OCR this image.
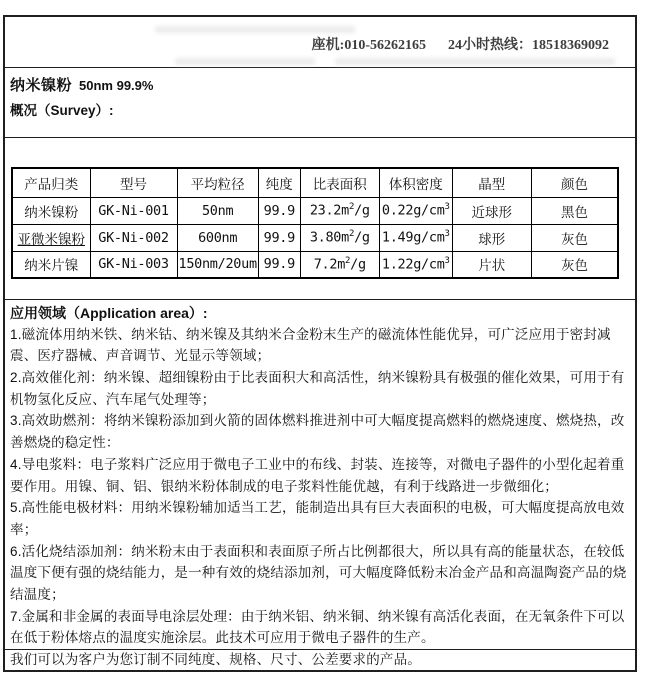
座机:010-56262165 24小时热线：18518369092
纳米镍粉 50nm 99.9%
概况（Survey）:
产品归类	型号	平均粒径	纯度	比表面积	体积密度	晶型	颜色
纳米镍粉	GK-Ni-001	50nm	99.9	$23.2m^2/g$	$0.22g/cm^3$	近球形	黑色
亚微米镍粉	GK-Ni-002	600nm	99.9	$3.80m^2/g$	$1.49g/cm^3$	球形	灰色
纳米片镍	GK-Ni-003	150nm/20um	99.9	$7.2m^2/g$	$1.22g/cm^3$	片状	灰色
应用领域（Application area）:

1.磁流体用纳米铁、纳米钴、纳米镍及其纳米合金粉末生产的磁流体性能优异，可广泛应用于密封减震、医疗器械、声音调节、光显示等领域；

2.高效催化剂：纳米镍、超细镍粉由于比表面积大和高活性，纳米镍粉具有极强的催化效果，可用于有机物氢化反应、汽车尾气处理等；

3.高效助燃剂：将纳米镍粉添加到火箭的固体燃料推进剂中可大幅度提高燃料的燃烧速度、燃烧热，改善燃烧的稳定性：

4.导电浆料：电子浆料广泛应用于微电子工业中的布线、封装、连接等，对微电子器件的小型化起着重要作用。用镍、铜、铝、银纳米粉体制成的电子浆料性能优越，有利于线路进一步微细化；

5.高性能电极材料：用纳米镍粉辅加适当工艺，能制造出具有巨大表面积的电极，可大幅度提高放电效率；

6.活化烧结添加剂：纳米粉末由于表面积和表面原子所占比例都很大，所以具有高的能量状态，在较低温度下便有强的烧结能力，是一种有效的烧结添加剂，可大幅度降低粉末冶金产品和高温陶瓷产品的烧结温度；

7.金属和非金属的表面导电涂层处理：由于纳米铝、纳米铜、纳米镍有高活化表面，在无氧条件下可以在低于粉体熔点的温度实施涂层。此技术可应用于微电子器件的生产。

我们可以为客户为您订制不同纯度、规格、尺寸、公差要求的产品。
